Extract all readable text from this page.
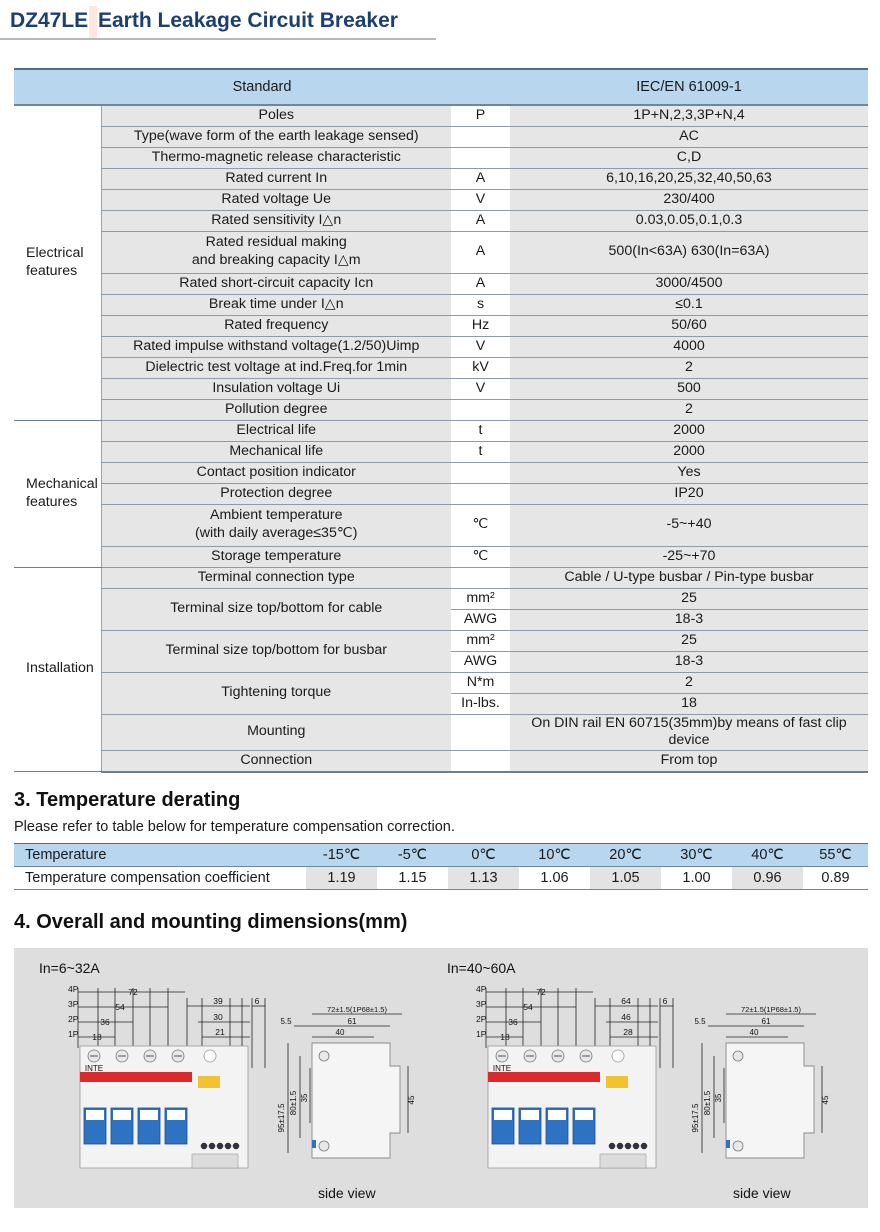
DZ47LE Earth Leakage Circuit Breaker
Standard			IEC/EN 61009-1
Electrical features	Poles	P	1P+N,2,3,3P+N,4
	Type(wave form of the earth leakage sensed)		AC
	Thermo-magnetic release characteristic		C,D
	Rated current In	A	6,10,16,20,25,32,40,50,63
	Rated voltage Ue	V	230/400
	Rated sensitivity I△n	A	0.03,0.05,0.1,0.3

	Rated residual making
and breaking capacity I△m	A	500(In<63A) 630(In=63A)
	Rated short-circuit capacity Icn	A	3000/4500
	Break time under I△n	s	≤0.1
	Rated frequency	Hz	50/60
	Rated impulse withstand voltage(1.2/50)Uimp	V	4000
	Dielectric test voltage at ind.Freq.for 1min	kV	2
	Insulation voltage Ui	V	500
	Pollution degree		2
Mechanical features	Electrical life	t	2000
	Mechanical life	t	2000
	Contact position indicator		Yes
	Protection degree		IP20

	Ambient temperature
(with daily average≤35℃)	℃	-5~+40
	Storage temperature	℃	-25~+70
Installation	Terminal connection type		Cable / U-type busbar / Pin-type busbar
	Terminal size top/bottom for cable	mm²	25
		AWG	18-3
	Terminal size top/bottom for busbar	mm²	25
		AWG	18-3
	Tightening torque	N*m	2
		In-lbs.	18
	Mounting		On DIN rail EN 60715(35mm)by means of fast clip device
	Connection		From top
3. Temperature derating
Please refer to table below for temperature compensation correction.
Temperature	-15℃	-5℃	0℃	10℃	20℃	30℃	40℃	55℃
Temperature compensation coefficient	1.19	1.15	1.13	1.06	1.05	1.00	0.96	0.89
4. Overall and mounting dimensions(mm)
4P
3P
2P
1P
72
54
36
18
39
30
21
6
INTE
72±1.5(1P68±1.5)
61
40
5.5
95±17.5
80±1.5 35	45
4P
3P
2P
1P
72
54
36
18
64
46
28
6
INTE
72±1.5(1P68±1.5)
61
40
5.5
95±17.5
80±1.5 35	45
In=6~32A	In=40~60A
side view	side view
